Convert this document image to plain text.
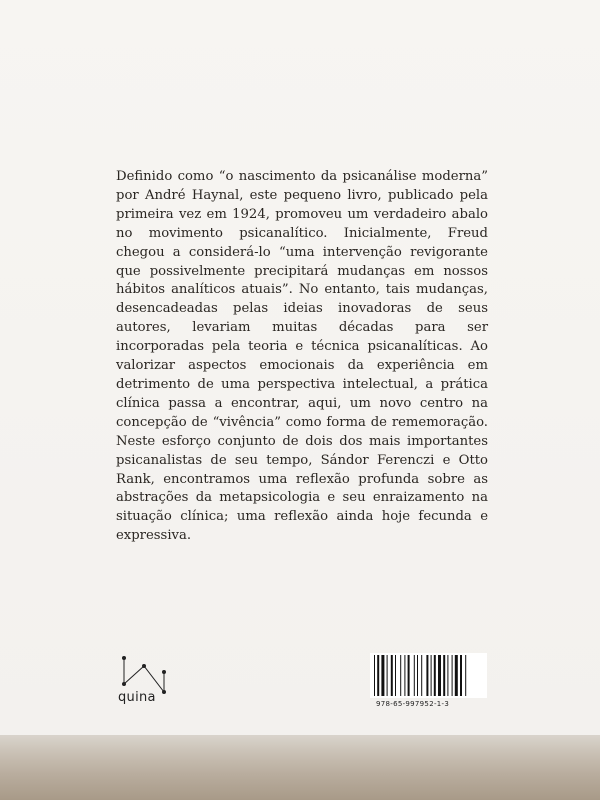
Definido como “o nascimento da psicanálise moderna” por André Haynal, este pequeno livro, publicado pela primeira vez em 1924, promoveu um verdadeiro abalo no movimento psicanalítico. Inicialmente, Freud chegou a considerá-lo “uma intervenção revigorante que possivelmente precipitará mudanças em nossos hábitos analíticos atuais”. No entanto, tais mudanças, desencadeadas pelas ideias inovadoras de seus autores, levariam muitas décadas para ser incorporadas pela teoria e técnica psicanalíticas. Ao valorizar aspectos emocionais da experiência em detrimento de uma perspectiva intelectual, a prática clínica passa a encontrar, aqui, um novo centro na concepção de “vivência” como forma de rememoração. Neste esforço conjunto de dois dos mais importantes psicanalistas de seu tempo, Sándor Ferenczi e Otto Rank, encontramos uma reflexão profunda sobre as abstrações da metapsicologia e seu enraizamento na situação clínica; uma reflexão ainda hoje fecunda e expressiva.

quina	978-65-997952-1-3
